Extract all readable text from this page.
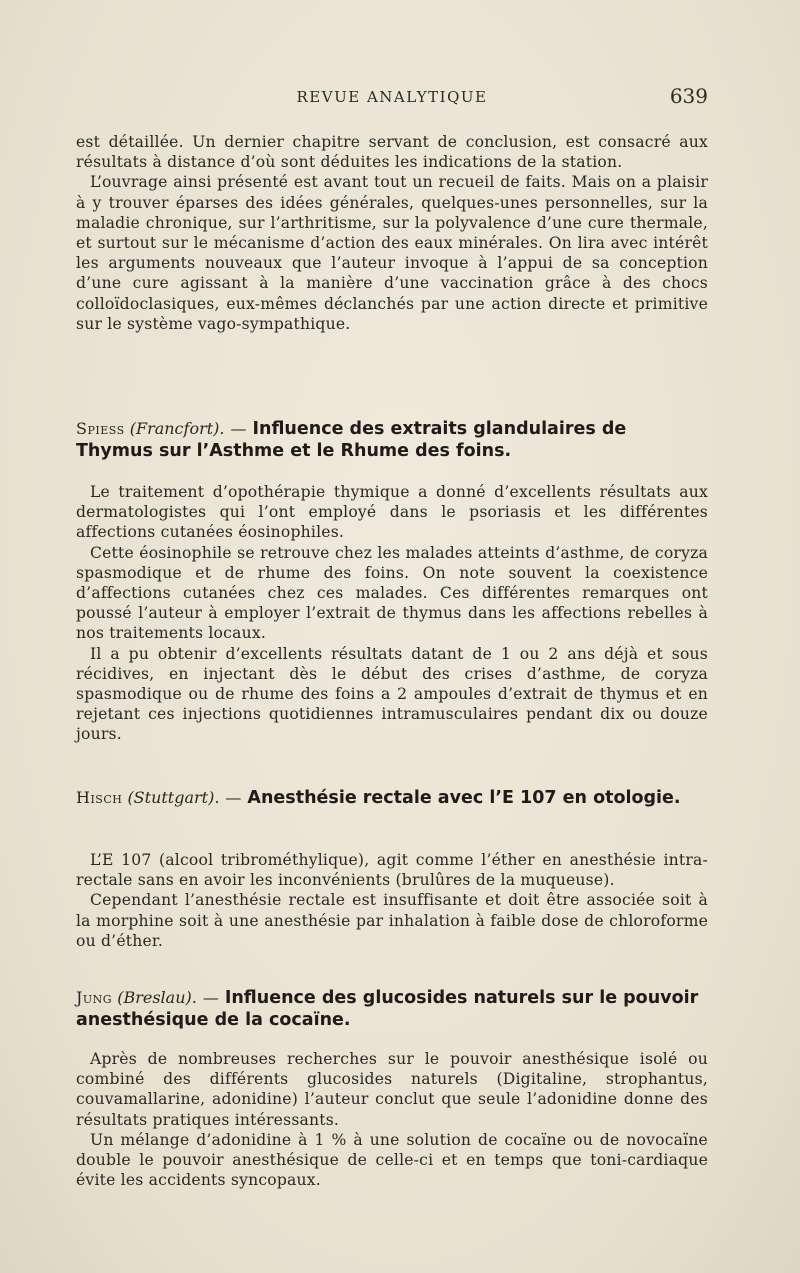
REVUE ANALYTIQUE	639

est détaillée. Un dernier chapitre servant de conclusion, est consacré aux résultats à distance d’où sont déduites les indications de la station.

L’ouvrage ainsi présenté est avant tout un recueil de faits. Mais on a plaisir à y trouver éparses des idées générales, quelques-unes personnelles, sur la maladie chronique, sur l’arthritisme, sur la polyvalence d’une cure thermale, et surtout sur le mécanisme d’action des eaux minérales. On lira avec intérêt les arguments nouveaux que l’auteur invoque à l’appui de sa conception d’une cure agissant à la manière d’une vaccination grâce à des chocs colloïdoclasiques, eux-mêmes déclanchés par une action directe et primitive sur le système vago-sympathique.

Spiess (Francfort). — Influence des extraits glandulaires de Thymus sur l’Asthme et le Rhume des foins.

Le traitement d’opothérapie thymique a donné d’excellents résultats aux dermatologistes qui l’ont employé dans le psoriasis et les différentes affections cutanées éosinophiles.

Cette éosinophile se retrouve chez les malades atteints d’asthme, de coryza spasmodique et de rhume des foins. On note souvent la coexistence d’affections cutanées chez ces malades. Ces différentes remarques ont poussé l’auteur à employer l’extrait de thymus dans les affections rebelles à nos traitements locaux.

Il a pu obtenir d’excellents résultats datant de 1 ou 2 ans déjà et sous récidives, en injectant dès le début des crises d’asthme, de coryza spasmodique ou de rhume des foins a 2 ampoules d’extrait de thymus et en rejetant ces injections quotidiennes intramusculaires pendant dix ou douze jours.

Hisch (Stuttgart). — Anesthésie rectale avec l’E 107 en otologie.

L’E 107 (alcool tribrométhylique), agit comme l’éther en anesthésie intra-rectale sans en avoir les inconvénients (brulûres de la muqueuse).

Cependant l’anesthésie rectale est insuffisante et doit être associée soit à la morphine soit à une anesthésie par inhalation à faible dose de chloroforme ou d’éther.

Jung (Breslau). — Influence des glucosides naturels sur le pouvoir anesthésique de la cocaïne.

Après de nombreuses recherches sur le pouvoir anesthésique isolé ou combiné des différents glucosides naturels (Digitaline, strophantus, couvamallarine, adonidine) l’auteur conclut que seule l’adonidine donne des résultats pratiques intéressants.

Un mélange d’adonidine à 1 % à une solution de cocaïne ou de novocaïne double le pouvoir anesthésique de celle-ci et en temps que toni-cardiaque évite les accidents syncopaux.
